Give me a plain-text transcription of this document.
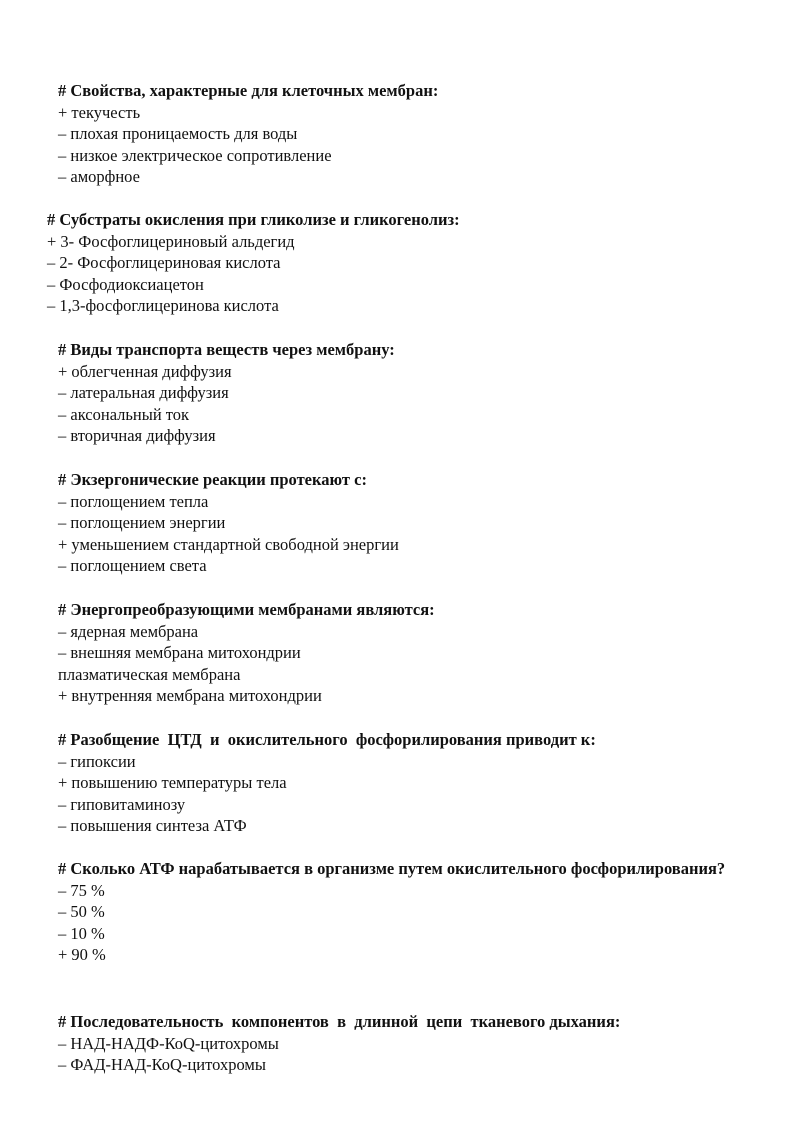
# Свойства, характерные для клеточных мембран:

+ текучесть

– плохая проницаемость для воды

– низкое электрическое сопротивление

– аморфное

# Субстраты окисления при гликолизе и гликогенолиз:

+ 3- Фосфоглицериновый альдегид

– 2- Фосфоглицериновая кислота

– Фосфодиоксиацетон

– 1,3-фосфоглицеринова кислота

# Виды транспорта веществ через мембрану:

+ облегченная диффузия

– латеральная диффузия

– аксональный ток

– вторичная диффузия

# Экзергонические реакции протекают с:

– поглощением тепла

– поглощением энергии

+ уменьшением стандартной свободной энергии

– поглощением света

# Энергопреобразующими мембранами являются:

– ядерная мембрана

– внешняя мембрана митохондрии

плазматическая мембрана

+ внутренняя мембрана митохондрии

# Разобщение  ЦТД  и  окислительного  фосфорилирования приводит к:

– гипоксии

+ повышению температуры тела

– гиповитаминозу

– повышения синтеза АТФ

# Сколько АТФ нарабатывается в организме путем окислительного фосфорилирования?

– 75 %

– 50 %

– 10 %

+ 90 %

# Последовательность  компонентов  в  длинной  цепи  тканевого дыхания:

– НАД-НАДФ-КоQ-цитохромы

– ФАД-НАД-КоQ-цитохромы
